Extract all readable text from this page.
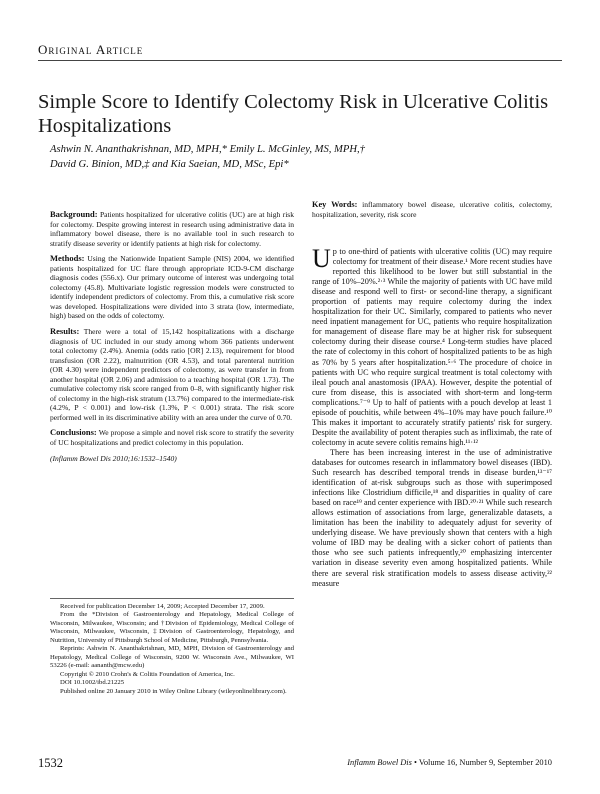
Original Article
Simple Score to Identify Colectomy Risk in Ulcerative Colitis Hospitalizations
Ashwin N. Ananthakrishnan, MD, MPH,* Emily L. McGinley, MS, MPH,†
David G. Binion, MD,‡ and Kia Saeian, MD, MSc, Epi*

Background: Patients hospitalized for ulcerative colitis (UC) are at high risk for colectomy. Despite growing interest in research using administrative data in inflammatory bowel disease, there is no available tool in such research to stratify disease severity or identify patients at high risk for colectomy.

Methods: Using the Nationwide Inpatient Sample (NIS) 2004, we identified patients hospitalized for UC flare through appropriate ICD-9-CM discharge diagnosis codes (556.x). Our primary outcome of interest was undergoing total colectomy (45.8). Multivariate logistic regression models were constructed to identify independent predictors of colectomy. From this, a cumulative risk score was developed. Hospitalizations were divided into 3 strata (low, intermediate, high) based on the odds of colectomy.

Results: There were a total of 15,142 hospitalizations with a discharge diagnosis of UC included in our study among whom 366 patients underwent total colectomy (2.4%). Anemia (odds ratio [OR] 2.13), requirement for blood transfusion (OR 2.22), malnutrition (OR 4.53), and total parenteral nutrition (OR 4.30) were independent predictors of colectomy, as were transfer in from another hospital (OR 2.06) and admission to a teaching hospital (OR 1.73). The cumulative colectomy risk score ranged from 0–8, with significantly higher risk of colectomy in the high-risk stratum (13.7%) compared to the intermediate-risk (4.2%, P < 0.001) and low-risk (1.3%, P < 0.001) strata. The risk score performed well in its discriminative ability with an area under the curve of 0.70.

Conclusions: We propose a simple and novel risk score to stratify the severity of UC hospitalizations and predict colectomy in this population.

(Inflamm Bowel Dis 2010;16:1532–1540)

Key Words: inflammatory bowel disease, ulcerative colitis, colectomy, hospitalization, severity, risk score

Up to one-third of patients with ulcerative colitis (UC) may require colectomy for treatment of their disease.¹ More recent studies have reported this likelihood to be lower but still substantial in the range of 10%–20%.²·³ While the majority of patients with UC have mild disease and respond well to first- or second-line therapy, a significant proportion of patients may require colectomy during the index hospitalization for their UC. Similarly, compared to patients who never need inpatient management for UC, patients who require hospitalization for management of disease flare may be at higher risk for subsequent colectomy during their disease course.⁴ Long-term studies have placed the rate of colectomy in this cohort of hospitalized patients to be as high as 70% by 5 years after hospitalization.⁵·⁶ The procedure of choice in patients with UC who require surgical treatment is total colectomy with ileal pouch anal anastomosis (IPAA). However, despite the potential of cure from disease, this is associated with short-term and long-term complications.⁷⁻⁹ Up to half of patients with a pouch develop at least 1 episode of pouchitis, while between 4%–10% may have pouch failure.¹⁰ This makes it important to accurately stratify patients' risk for surgery. Despite the availability of potent therapies such as infliximab, the rate of colectomy in acute severe colitis remains high.¹¹·¹²

There has been increasing interest in the use of administrative databases for outcomes research in inflammatory bowel diseases (IBD). Such research has described temporal trends in disease burden,¹³⁻¹⁷ identification of at-risk subgroups such as those with superimposed infections like Clostridium difficile,¹⁸ and disparities in quality of care based on race¹⁹ and center experience with IBD.²⁰·²¹ While such research allows estimation of associations from large, generalizable datasets, a limitation has been the inability to adequately adjust for severity of underlying disease. We have previously shown that centers with a high volume of IBD may be dealing with a sicker cohort of patients than those who see such patients infrequently,²⁰ emphasizing intercenter variation in disease severity even among hospitalized patients. While there are several risk stratification models to assess disease activity,²² measure

Received for publication December 14, 2009; Accepted December 17, 2009.

From the *Division of Gastroenterology and Hepatology, Medical College of Wisconsin, Milwaukee, Wisconsin; and †Division of Epidemiology, Medical College of Wisconsin, Milwaukee, Wisconsin, ‡Division of Gastroenterology, Hepatology, and Nutrition, University of Pittsburgh School of Medicine, Pittsburgh, Pennsylvania.

Reprints: Ashwin N. Ananthakrishnan, MD, MPH, Division of Gastroenterology and Hepatology, Medical College of Wisconsin, 9200 W. Wisconsin Ave., Milwaukee, WI 53226 (e-mail: aananth@mcw.edu)

Copyright © 2010 Crohn's & Colitis Foundation of America, Inc.

DOI 10.1002/ibd.21225

Published online 20 January 2010 in Wiley Online Library (wileyonlinelibrary.com).

1532	Inflamm Bowel Dis • Volume 16, Number 9, September 2010
